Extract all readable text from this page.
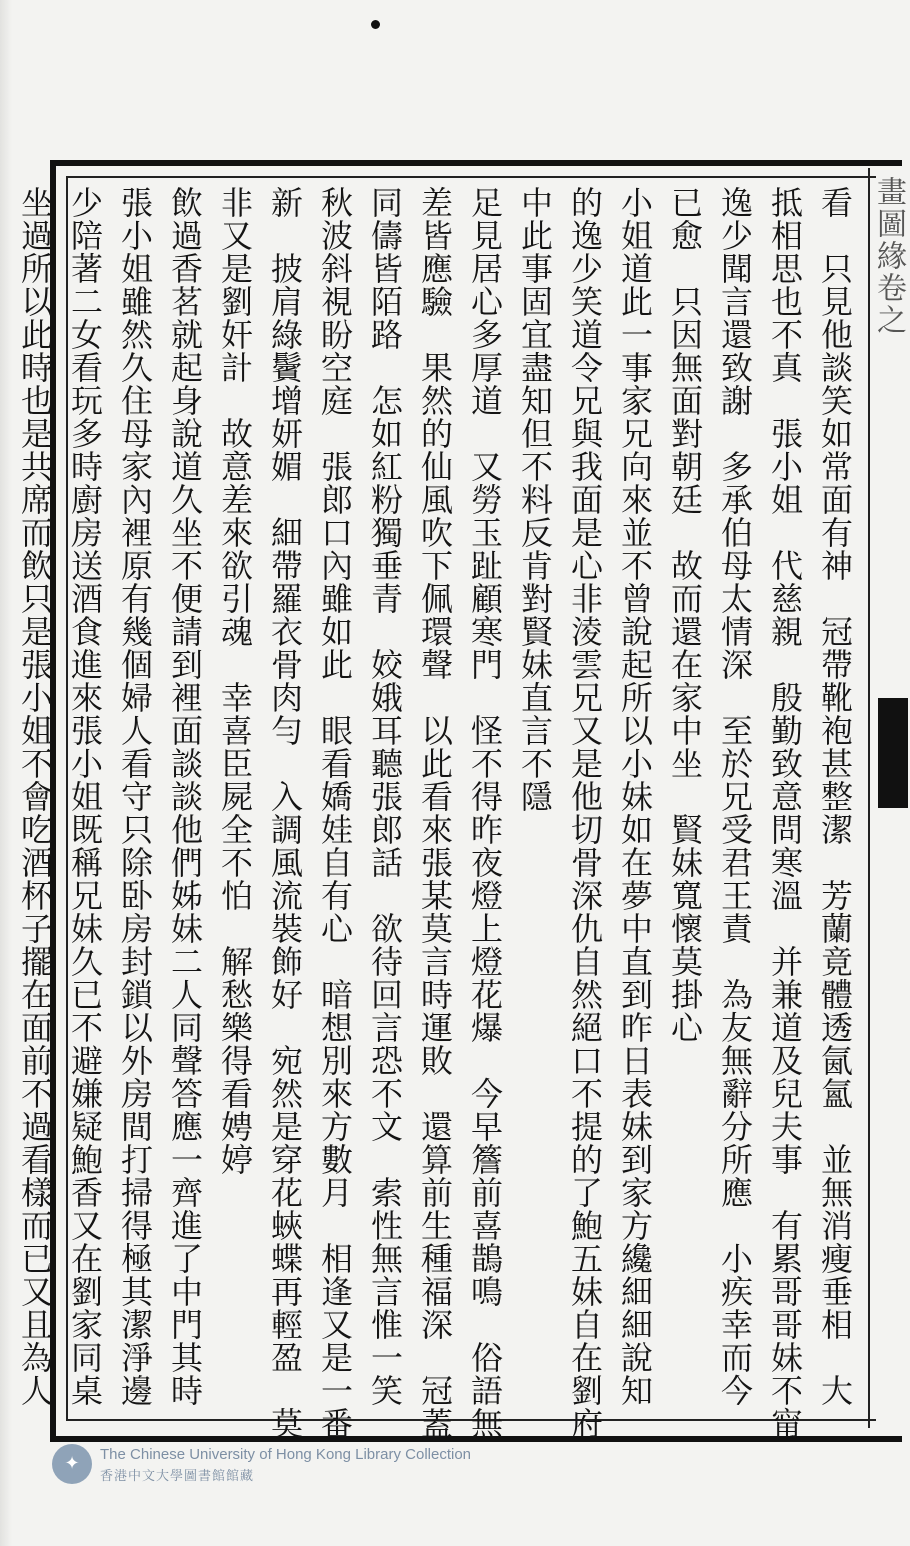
畫圖緣卷之
看　只見他談笑如常面有神　冠帶靴袍甚整潔　芳蘭竟體透氤氳　並無消瘦垂相　大
抵相思也不真　張小姐　代慈親　殷勤致意問寒溫　并兼道及兒夫事　有累哥哥妹不甯
逸少聞言還致謝　多承伯母太情深　至於兄受君王責　為友無辭分所應　小疾幸而今
已愈　只因無面對朝廷　故而還在家中坐　賢妹寬懷莫掛心
小姐道此一事家兄向來並不曾說起所以小妹如在夢中直到昨日表妹到家方纔細細說知
的逸少笑道令兄與我面是心非淩雲兄又是他切骨深仇自然絕口不提的了鮑五妹自在劉府
中此事固宜盡知但不料反肯對賢妹直言不隱
足見居心多厚道　又勞玉趾顧寒門　怪不得昨夜燈上燈花爆　今早簷前喜鵲鳴　俗語無
差皆應驗　果然的仙風吹下佩環聲　以此看來張某莫言時運敗　還算前生種福深　冠蓋
同儔皆陌路　怎如紅粉獨垂青　姣娥耳聽張郎話　欲待回言恐不文　索性無言惟一笑
秋波斜視盼空庭　張郎口內雖如此　眼看嬌娃自有心　暗想別來方數月　相逢又是一番
新　披肩綠鬢增妍媚　細帶羅衣骨肉勻　入調風流裝飾好　宛然是穿花蛺蝶再輕盈　莫
非又是劉奸計　故意差來欲引魂　幸喜臣屍全不怕　解愁樂得看娉婷
飲過香茗就起身說道久坐不便請到裡面談談他們姊妹二人同聲答應一齊進了中門其時
張小姐雖然久住母家內裡原有幾個婦人看守只除卧房封鎖以外房間打掃得極其潔淨邊
少陪著二女看玩多時廚房送酒食進來張小姐既稱兄妹久已不避嫌疑鮑香又在劉家同桌
坐過所以此時也是共席而飲只是張小姐不會吃酒杯子擺在面前不過看樣而已又且為人
✦	The Chinese University of Hong Kong Library Collection
香港中文大學圖書館館藏
